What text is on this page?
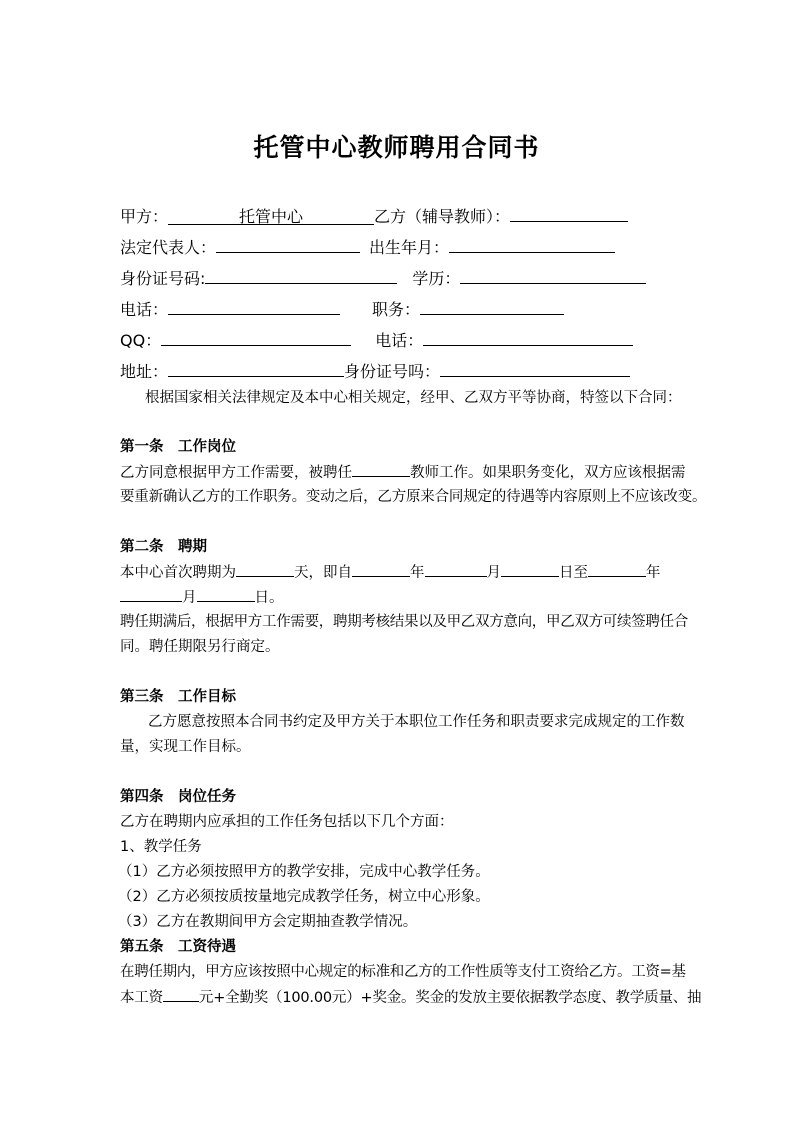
托管中心教师聘用合同书
甲方：	托管中心	乙方（辅导教师）：
法定代表人：	出生年月：
身份证号码:	学历：
电话：	职务：
QQ：	电话：
地址：	身份证号吗：
根据国家相关法律规定及本中心相关规定，经甲、乙双方平等协商，特签以下合同：
第一条　工作岗位
乙方同意根据甲方工作需要，被聘任	教师工作。如果职务变化，双方应该根据需
要重新确认乙方的工作职务。变动之后，乙方原来合同规定的待遇等内容原则上不应该改变。
第二条　聘期
本中心首次聘期为	天，即自	年	月	日至	年
月	日。
聘任期满后，根据甲方工作需要，聘期考核结果以及甲乙双方意向，甲乙双方可续签聘任合
同。聘任期限另行商定。
第三条　工作目标
乙方愿意按照本合同书约定及甲方关于本职位工作任务和职责要求完成规定的工作数
量，实现工作目标。
第四条　岗位任务
乙方在聘期内应承担的工作任务包括以下几个方面：
1、教学任务
（1）乙方必须按照甲方的教学安排，完成中心教学任务。
（2）乙方必须按质按量地完成教学任务，树立中心形象。
（3）乙方在教期间甲方会定期抽查教学情况。
第五条　工资待遇
在聘任期内，甲方应该按照中心规定的标准和乙方的工作性质等支付工资给乙方。工资=基
本工资 元+全勤奖（100.00元）+奖金。奖金的发放主要依据教学态度、教学质量、抽
